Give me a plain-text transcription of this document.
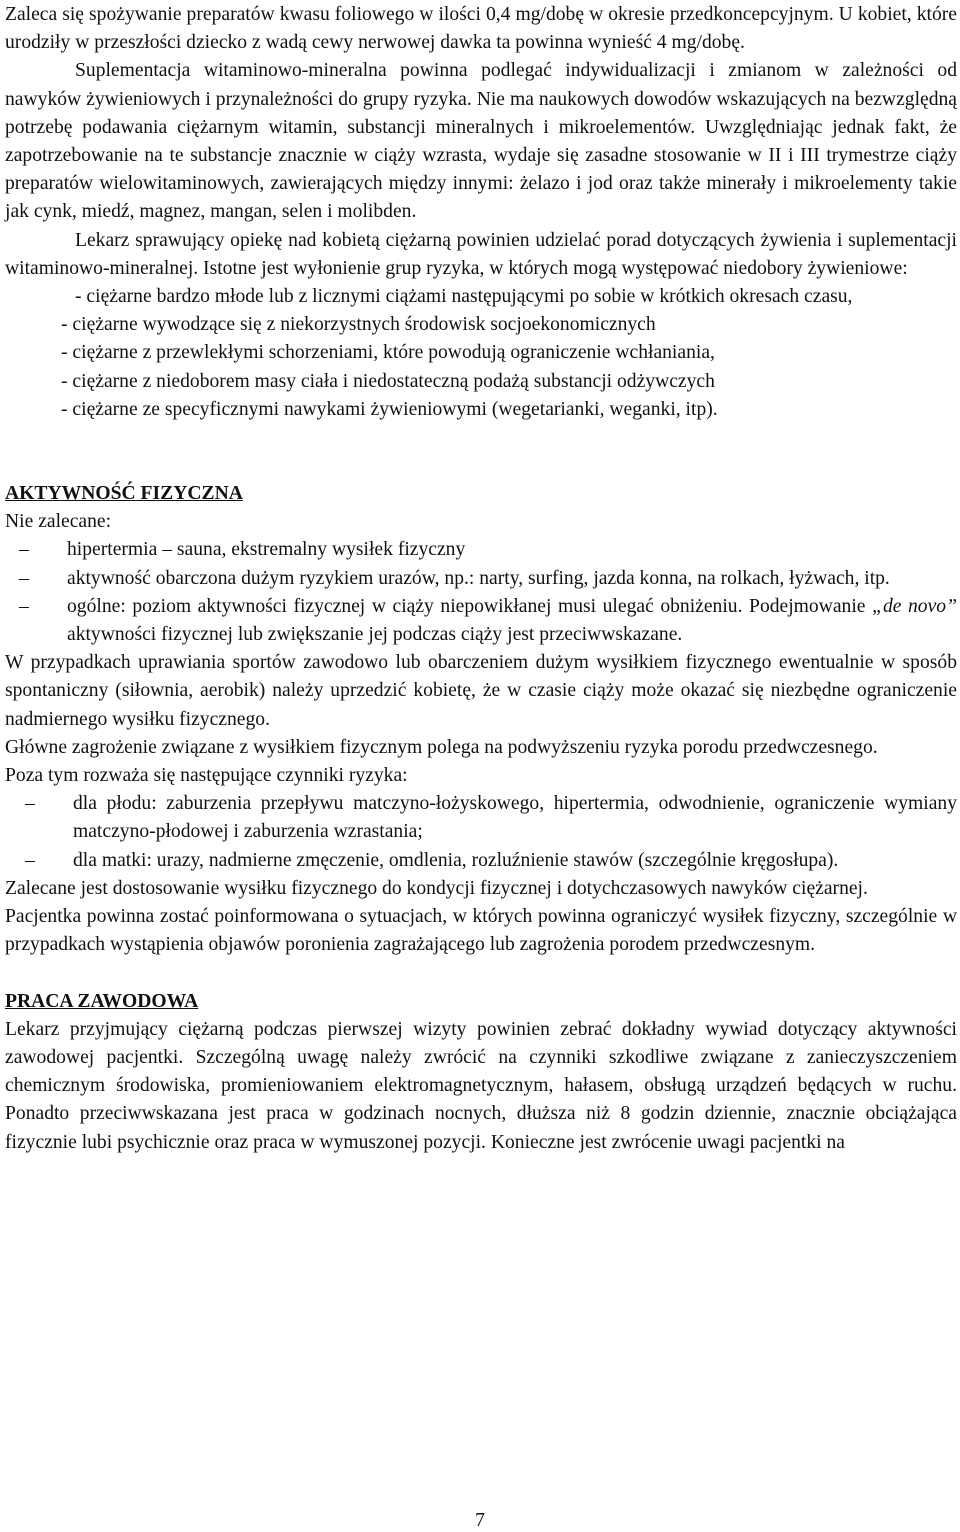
Zaleca się spożywanie preparatów kwasu foliowego w ilości 0,4 mg/dobę w okresie przedkoncepcyjnym. U kobiet, które urodziły w przeszłości dziecko z wadą cewy nerwowej dawka ta powinna wynieść 4 mg/dobę.

Suplementacja witaminowo-mineralna powinna podlegać indywidualizacji i zmianom w zależności od nawyków żywieniowych i przynależności do grupy ryzyka. Nie ma naukowych dowodów wskazujących na bezwzględną potrzebę podawania ciężarnym witamin, substancji mineralnych i mikroelementów. Uwzględniając jednak fakt, że zapotrzebowanie na te substancje znacznie w ciąży wzrasta, wydaje się zasadne stosowanie w II i III trymestrze ciąży preparatów wielowitaminowych, zawierających między innymi: żelazo i jod oraz także minerały i mikroelementy takie jak cynk, miedź, magnez, mangan, selen i molibden.

Lekarz sprawujący opiekę nad kobietą ciężarną powinien udzielać porad dotyczących żywienia i suplementacji witaminowo-mineralnej. Istotne jest wyłonienie grup ryzyka, w których mogą występować niedobory żywieniowe:

- ciężarne bardzo młode lub z licznymi ciążami następującymi po sobie w krótkich okresach czasu,

- ciężarne wywodzące się z niekorzystnych środowisk socjoekonomicznych

- ciężarne z przewlekłymi schorzeniami, które powodują ograniczenie wchłaniania,

- ciężarne z niedoborem masy ciała i niedostateczną podażą substancji odżywczych

- ciężarne ze specyficznymi nawykami żywieniowymi (wegetarianki, weganki, itp).

AKTYWNOŚĆ FIZYCZNA

Nie zalecane:

– hipertermia – sauna, ekstremalny wysiłek fizyczny
– aktywność obarczona dużym ryzykiem urazów, np.: narty, surfing, jazda konna, na rolkach, łyżwach, itp.
– ogólne: poziom aktywności fizycznej w ciąży niepowikłanej musi ulegać obniżeniu. Podejmowanie „de novo” aktywności fizycznej lub zwiększanie jej podczas ciąży jest przeciwwskazane.

W przypadkach uprawiania sportów zawodowo lub obarczeniem dużym wysiłkiem fizycznego ewentualnie w sposób spontaniczny (siłownia, aerobik) należy uprzedzić kobietę, że w czasie ciąży może okazać się niezbędne ograniczenie nadmiernego wysiłku fizycznego.

Główne zagrożenie związane z wysiłkiem fizycznym polega na podwyższeniu ryzyka porodu przedwczesnego.

Poza tym rozważa się następujące czynniki ryzyka:

– dla płodu: zaburzenia przepływu matczyno-łożyskowego, hipertermia, odwodnienie, ograniczenie wymiany matczyno-płodowej i zaburzenia wzrastania;
– dla matki: urazy, nadmierne zmęczenie, omdlenia, rozluźnienie stawów (szczególnie kręgosłupa).

Zalecane jest dostosowanie wysiłku fizycznego do kondycji fizycznej i dotychczasowych nawyków ciężarnej.

Pacjentka powinna zostać poinformowana o sytuacjach, w których powinna ograniczyć wysiłek fizyczny, szczególnie w przypadkach wystąpienia objawów poronienia zagrażającego lub zagrożenia porodem przedwczesnym.

PRACA ZAWODOWA

Lekarz przyjmujący ciężarną podczas pierwszej wizyty powinien zebrać dokładny wywiad dotyczący aktywności zawodowej pacjentki. Szczególną uwagę należy zwrócić na czynniki szkodliwe związane z zanieczyszczeniem chemicznym środowiska, promieniowaniem elektromagnetycznym, hałasem, obsługą urządzeń będących w ruchu. Ponadto przeciwwskazana jest praca w godzinach nocnych, dłuższa niż 8 godzin dziennie, znacznie obciążająca fizycznie lubi psychicznie oraz praca w wymuszonej pozycji. Konieczne jest zwrócenie uwagi pacjentki na

7
